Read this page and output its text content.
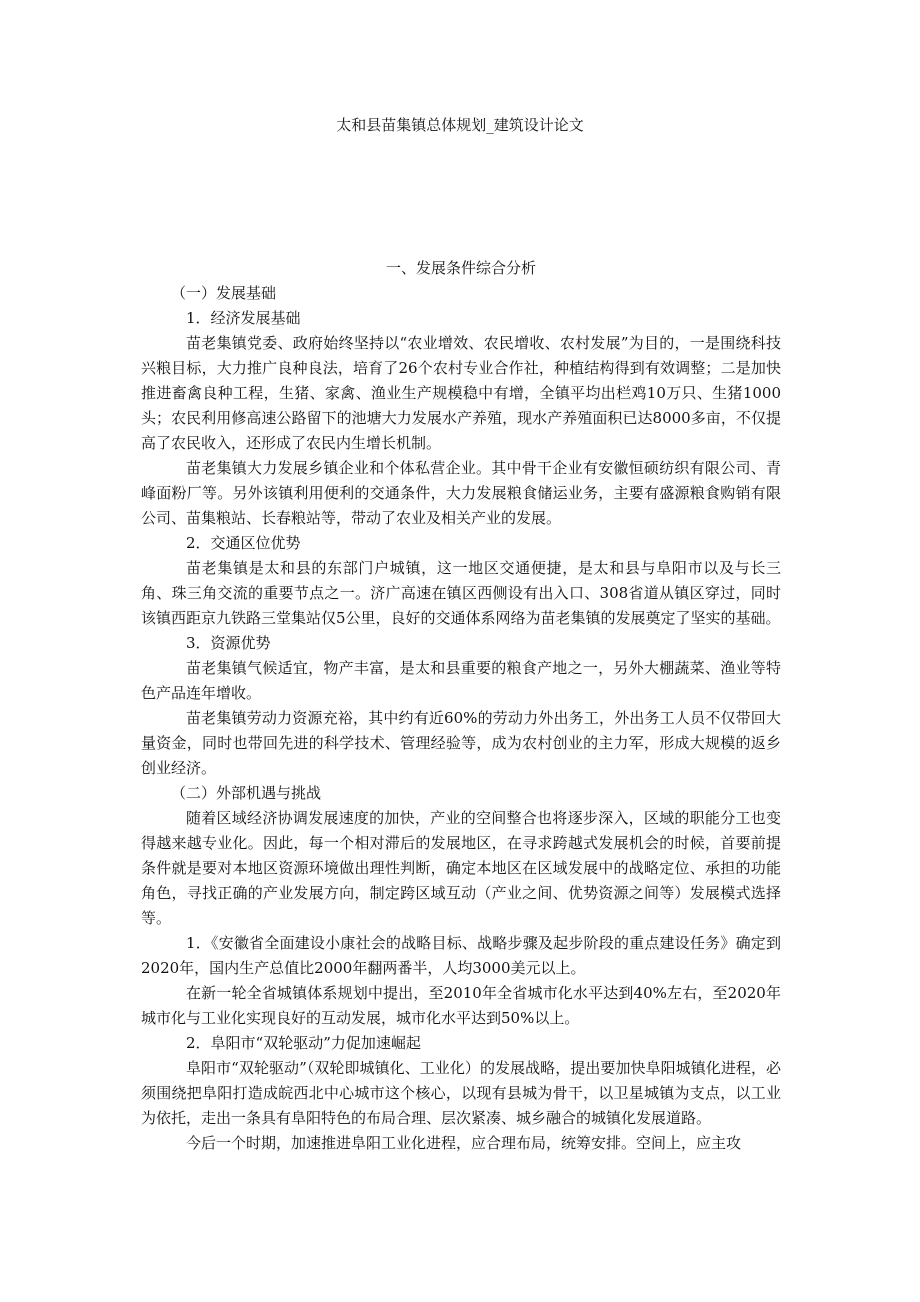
太和县苗集镇总体规划_建筑设计论文

一、发展条件综合分析

（一）发展基础

1．经济发展基础

苗老集镇党委、政府始终坚持以“农业增效、农民增收、农村发展”为目的，一是围绕科技兴粮目标，大力推广良种良法，培育了26个农村专业合作社，种植结构得到有效调整；二是加快推进畜禽良种工程，生猪、家禽、渔业生产规模稳中有增，全镇平均出栏鸡10万只、生猪1000头；农民利用修高速公路留下的池塘大力发展水产养殖，现水产养殖面积已达8000多亩，不仅提高了农民收入，还形成了农民内生增长机制。

苗老集镇大力发展乡镇企业和个体私营企业。其中骨干企业有安徽恒硕纺织有限公司、青峰面粉厂等。另外该镇利用便利的交通条件，大力发展粮食储运业务，主要有盛源粮食购销有限公司、苗集粮站、长春粮站等，带动了农业及相关产业的发展。

2．交通区位优势

苗老集镇是太和县的东部门户城镇，这一地区交通便捷，是太和县与阜阳市以及与长三角、珠三角交流的重要节点之一。济广高速在镇区西侧设有出入口、308省道从镇区穿过，同时该镇西距京九铁路三堂集站仅5公里，良好的交通体系网络为苗老集镇的发展奠定了坚实的基础。

3．资源优势

苗老集镇气候适宜，物产丰富，是太和县重要的粮食产地之一，另外大棚蔬菜、渔业等特色产品连年增收。

苗老集镇劳动力资源充裕，其中约有近60%的劳动力外出务工，外出务工人员不仅带回大量资金，同时也带回先进的科学技术、管理经验等，成为农村创业的主力军，形成大规模的返乡创业经济。

（二）外部机遇与挑战

随着区域经济协调发展速度的加快，产业的空间整合也将逐步深入，区域的职能分工也变得越来越专业化。因此，每一个相对滞后的发展地区，在寻求跨越式发展机会的时候，首要前提条件就是要对本地区资源环境做出理性判断，确定本地区在区域发展中的战略定位、承担的功能角色，寻找正确的产业发展方向，制定跨区域互动（产业之间、优势资源之间等）发展模式选择等。

1．《安徽省全面建设小康社会的战略目标、战略步骤及起步阶段的重点建设任务》确定到2020年，国内生产总值比2000年翻两番半，人均3000美元以上。

在新一轮全省城镇体系规划中提出，至2010年全省城市化水平达到40%左右，至2020年城市化与工业化实现良好的互动发展，城市化水平达到50%以上。

2．阜阳市“双轮驱动”力促加速崛起

阜阳市“双轮驱动”（双轮即城镇化、工业化）的发展战略，提出要加快阜阳城镇化进程，必须围绕把阜阳打造成皖西北中心城市这个核心，以现有县城为骨干，以卫星城镇为支点，以工业为依托，走出一条具有阜阳特色的布局合理、层次紧凑、城乡融合的城镇化发展道路。

今后一个时期，加速推进阜阳工业化进程，应合理布局，统筹安排。空间上，应主攻
